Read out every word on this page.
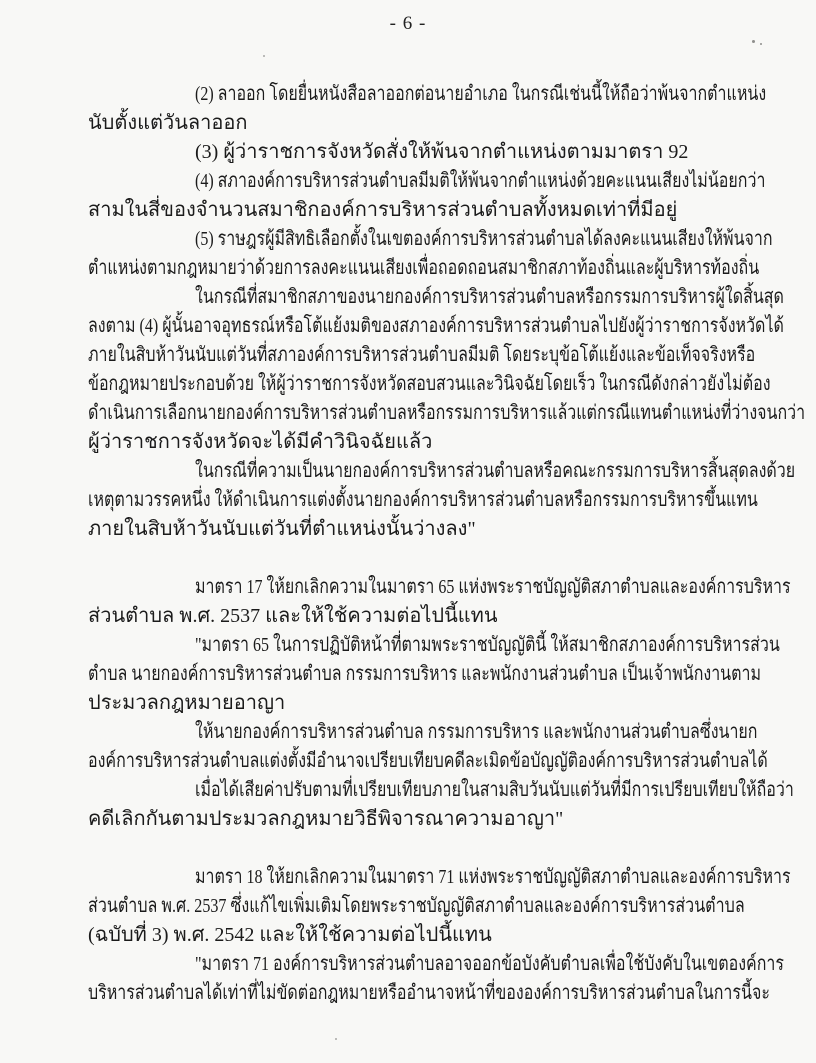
- 6 -
(2) ลาออก โดยยื่นหนังสือลาออกต่อนายอำเภอ ในกรณีเช่นนี้ให้ถือว่าพ้นจากตำแหน่ง
นับตั้งแต่วันลาออก
(3) ผู้ว่าราชการจังหวัดสั่งให้พ้นจากตำแหน่งตามมาตรา 92
(4) สภาองค์การบริหารส่วนตำบลมีมติให้พ้นจากตำแหน่งด้วยคะแนนเสียงไม่น้อยกว่า
สามในสี่ของจำนวนสมาชิกองค์การบริหารส่วนตำบลทั้งหมดเท่าที่มีอยู่
(5) ราษฎรผู้มีสิทธิเลือกตั้งในเขตองค์การบริหารส่วนตำบลได้ลงคะแนนเสียงให้พ้นจาก
ตำแหน่งตามกฎหมายว่าด้วยการลงคะแนนเสียงเพื่อถอดถอนสมาชิกสภาท้องถิ่นและผู้บริหารท้องถิ่น
ในกรณีที่สมาชิกสภาของนายกองค์การบริหารส่วนตำบลหรือกรรมการบริหารผู้ใดสิ้นสุด
ลงตาม (4) ผู้นั้นอาจอุทธรณ์หรือโต้แย้งมติของสภาองค์การบริหารส่วนตำบลไปยังผู้ว่าราชการจังหวัดได้
ภายในสิบห้าวันนับแต่วันที่สภาองค์การบริหารส่วนตำบลมีมติ โดยระบุข้อโต้แย้งและข้อเท็จจริงหรือ
ข้อกฎหมายประกอบด้วย ให้ผู้ว่าราชการจังหวัดสอบสวนและวินิจฉัยโดยเร็ว ในกรณีดังกล่าวยังไม่ต้อง
ดำเนินการเลือกนายกองค์การบริหารส่วนตำบลหรือกรรมการบริหารแล้วแต่กรณีแทนตำแหน่งที่ว่างจนกว่า
ผู้ว่าราชการจังหวัดจะได้มีคำวินิจฉัยแล้ว
ในกรณีที่ความเป็นนายกองค์การบริหารส่วนตำบลหรือคณะกรรมการบริหารสิ้นสุดลงด้วย
เหตุตามวรรคหนึ่ง ให้ดำเนินการแต่งตั้งนายกองค์การบริหารส่วนตำบลหรือกรรมการบริหารขึ้นแทน
ภายในสิบห้าวันนับแต่วันที่ตำแหน่งนั้นว่างลง"
มาตรา 17 ให้ยกเลิกความในมาตรา 65 แห่งพระราชบัญญัติสภาตำบลและองค์การบริหาร
ส่วนตำบล พ.ศ. 2537 และให้ใช้ความต่อไปนี้แทน
"มาตรา 65 ในการปฏิบัติหน้าที่ตามพระราชบัญญัตินี้ ให้สมาชิกสภาองค์การบริหารส่วน
ตำบล นายกองค์การบริหารส่วนตำบล กรรมการบริหาร และพนักงานส่วนตำบล เป็นเจ้าพนักงานตาม
ประมวลกฎหมายอาญา
ให้นายกองค์การบริหารส่วนตำบล กรรมการบริหาร และพนักงานส่วนตำบลซึ่งนายก
องค์การบริหารส่วนตำบลแต่งตั้งมีอำนาจเปรียบเทียบคดีละเมิดข้อบัญญัติองค์การบริหารส่วนตำบลได้
เมื่อได้เสียค่าปรับตามที่เปรียบเทียบภายในสามสิบวันนับแต่วันที่มีการเปรียบเทียบให้ถือว่า
คดีเลิกกันตามประมวลกฎหมายวิธีพิจารณาความอาญา"
มาตรา 18 ให้ยกเลิกความในมาตรา 71 แห่งพระราชบัญญัติสภาตำบลและองค์การบริหาร
ส่วนตำบล พ.ศ. 2537 ซึ่งแก้ไขเพิ่มเติมโดยพระราชบัญญัติสภาตำบลและองค์การบริหารส่วนตำบล
(ฉบับที่ 3) พ.ศ. 2542 และให้ใช้ความต่อไปนี้แทน
"มาตรา 71 องค์การบริหารส่วนตำบลอาจออกข้อบังคับตำบลเพื่อใช้บังคับในเขตองค์การ
บริหารส่วนตำบลได้เท่าที่ไม่ขัดต่อกฎหมายหรืออำนาจหน้าที่ขององค์การบริหารส่วนตำบลในการนี้จะ
